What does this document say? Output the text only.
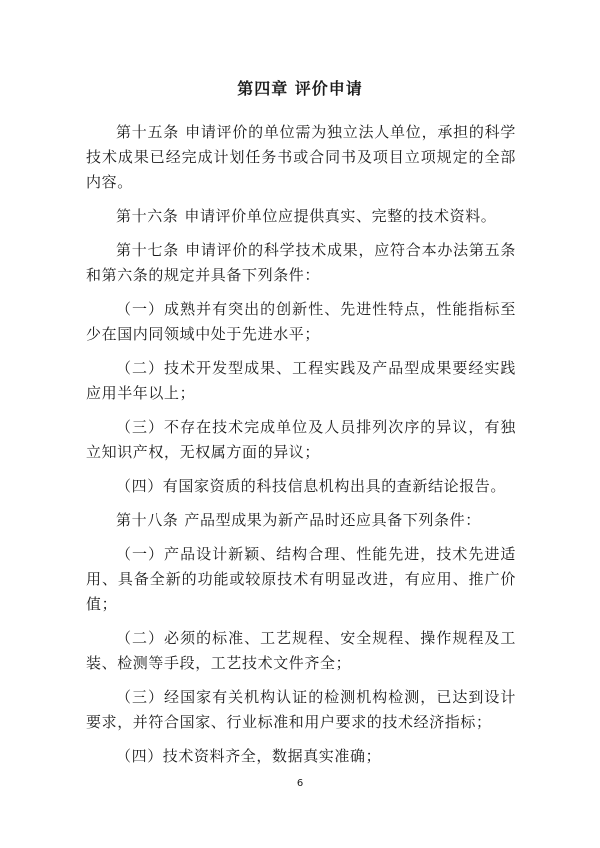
第四章 评价申请

第十五条 申请评价的单位需为独立法人单位，承担的科学技术成果已经完成计划任务书或合同书及项目立项规定的全部内容。

第十六条 申请评价单位应提供真实、完整的技术资料。

第十七条 申请评价的科学技术成果，应符合本办法第五条和第六条的规定并具备下列条件：

（一）成熟并有突出的创新性、先进性特点，性能指标至少在国内同领域中处于先进水平；

（二）技术开发型成果、工程实践及产品型成果要经实践应用半年以上；

（三）不存在技术完成单位及人员排列次序的异议，有独立知识产权，无权属方面的异议；

（四）有国家资质的科技信息机构出具的查新结论报告。

第十八条 产品型成果为新产品时还应具备下列条件：

（一）产品设计新颖、结构合理、性能先进，技术先进适用、具备全新的功能或较原技术有明显改进，有应用、推广价值；

（二）必须的标准、工艺规程、安全规程、操作规程及工装、检测等手段，工艺技术文件齐全；

（三）经国家有关机构认证的检测机构检测，已达到设计要求，并符合国家、行业标准和用户要求的技术经济指标；

（四）技术资料齐全，数据真实准确；

6
